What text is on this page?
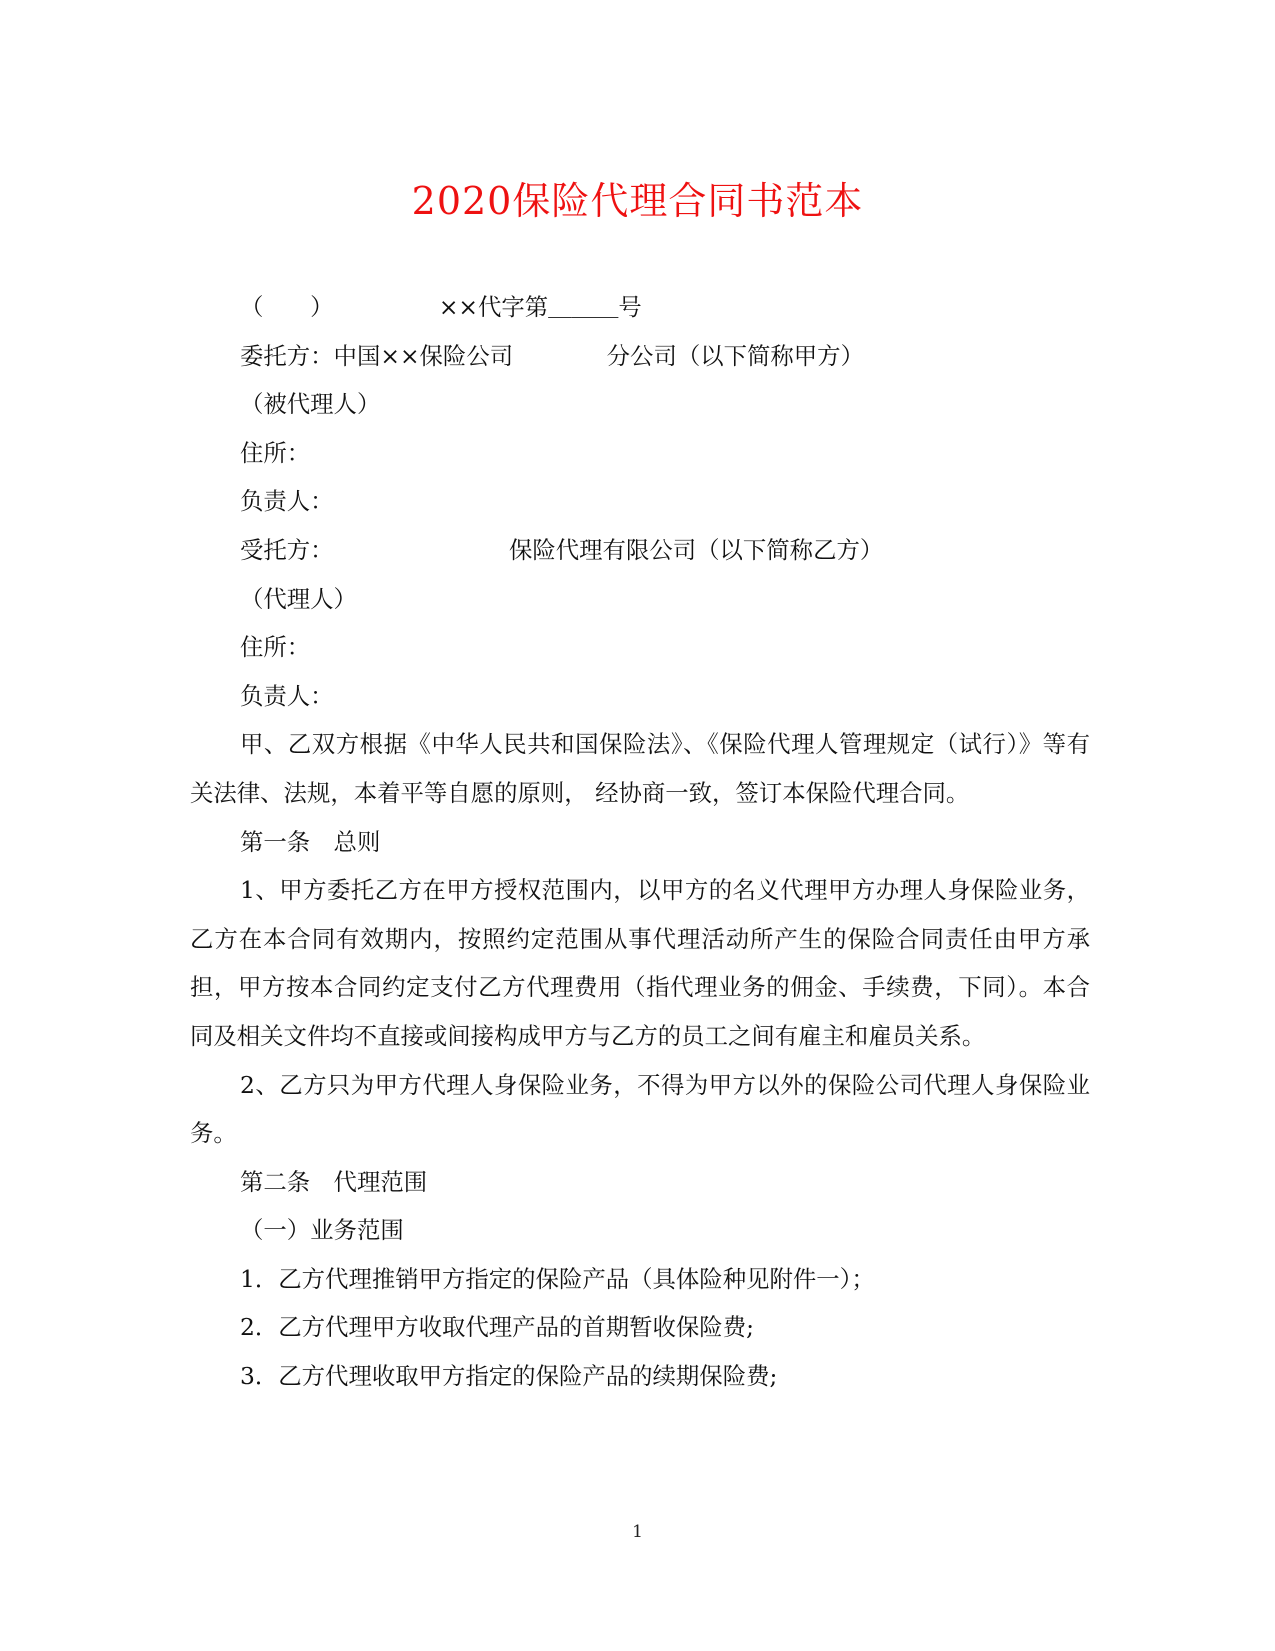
2020保险代理合同书范本

（　　）　　　　　××代字第＿＿＿号

委托方：中国××保险公司　　　　分公司（以下简称甲方）

（被代理人）

住所：

负责人：

受托方：　　　　　　　　保险代理有限公司（以下简称乙方）

（代理人）

住所：

负责人：

甲、乙双方根据《中华人民共和国保险法》、《保险代理人管理规定（试行）》等有关法律、法规，本着平等自愿的原则， 经协商一致，签订本保险代理合同。

第一条　总则

1、甲方委托乙方在甲方授权范围内，以甲方的名义代理甲方办理人身保险业务，乙方在本合同有效期内，按照约定范围从事代理活动所产生的保险合同责任由甲方承担，甲方按本合同约定支付乙方代理费用（指代理业务的佣金、手续费，下同）。本合同及相关文件均不直接或间接构成甲方与乙方的员工之间有雇主和雇员关系。

2、乙方只为甲方代理人身保险业务，不得为甲方以外的保险公司代理人身保险业务。

第二条　代理范围

（一）业务范围

1．乙方代理推销甲方指定的保险产品（具体险种见附件一）；

2．乙方代理甲方收取代理产品的首期暂收保险费;

3．乙方代理收取甲方指定的保险产品的续期保险费;

1
